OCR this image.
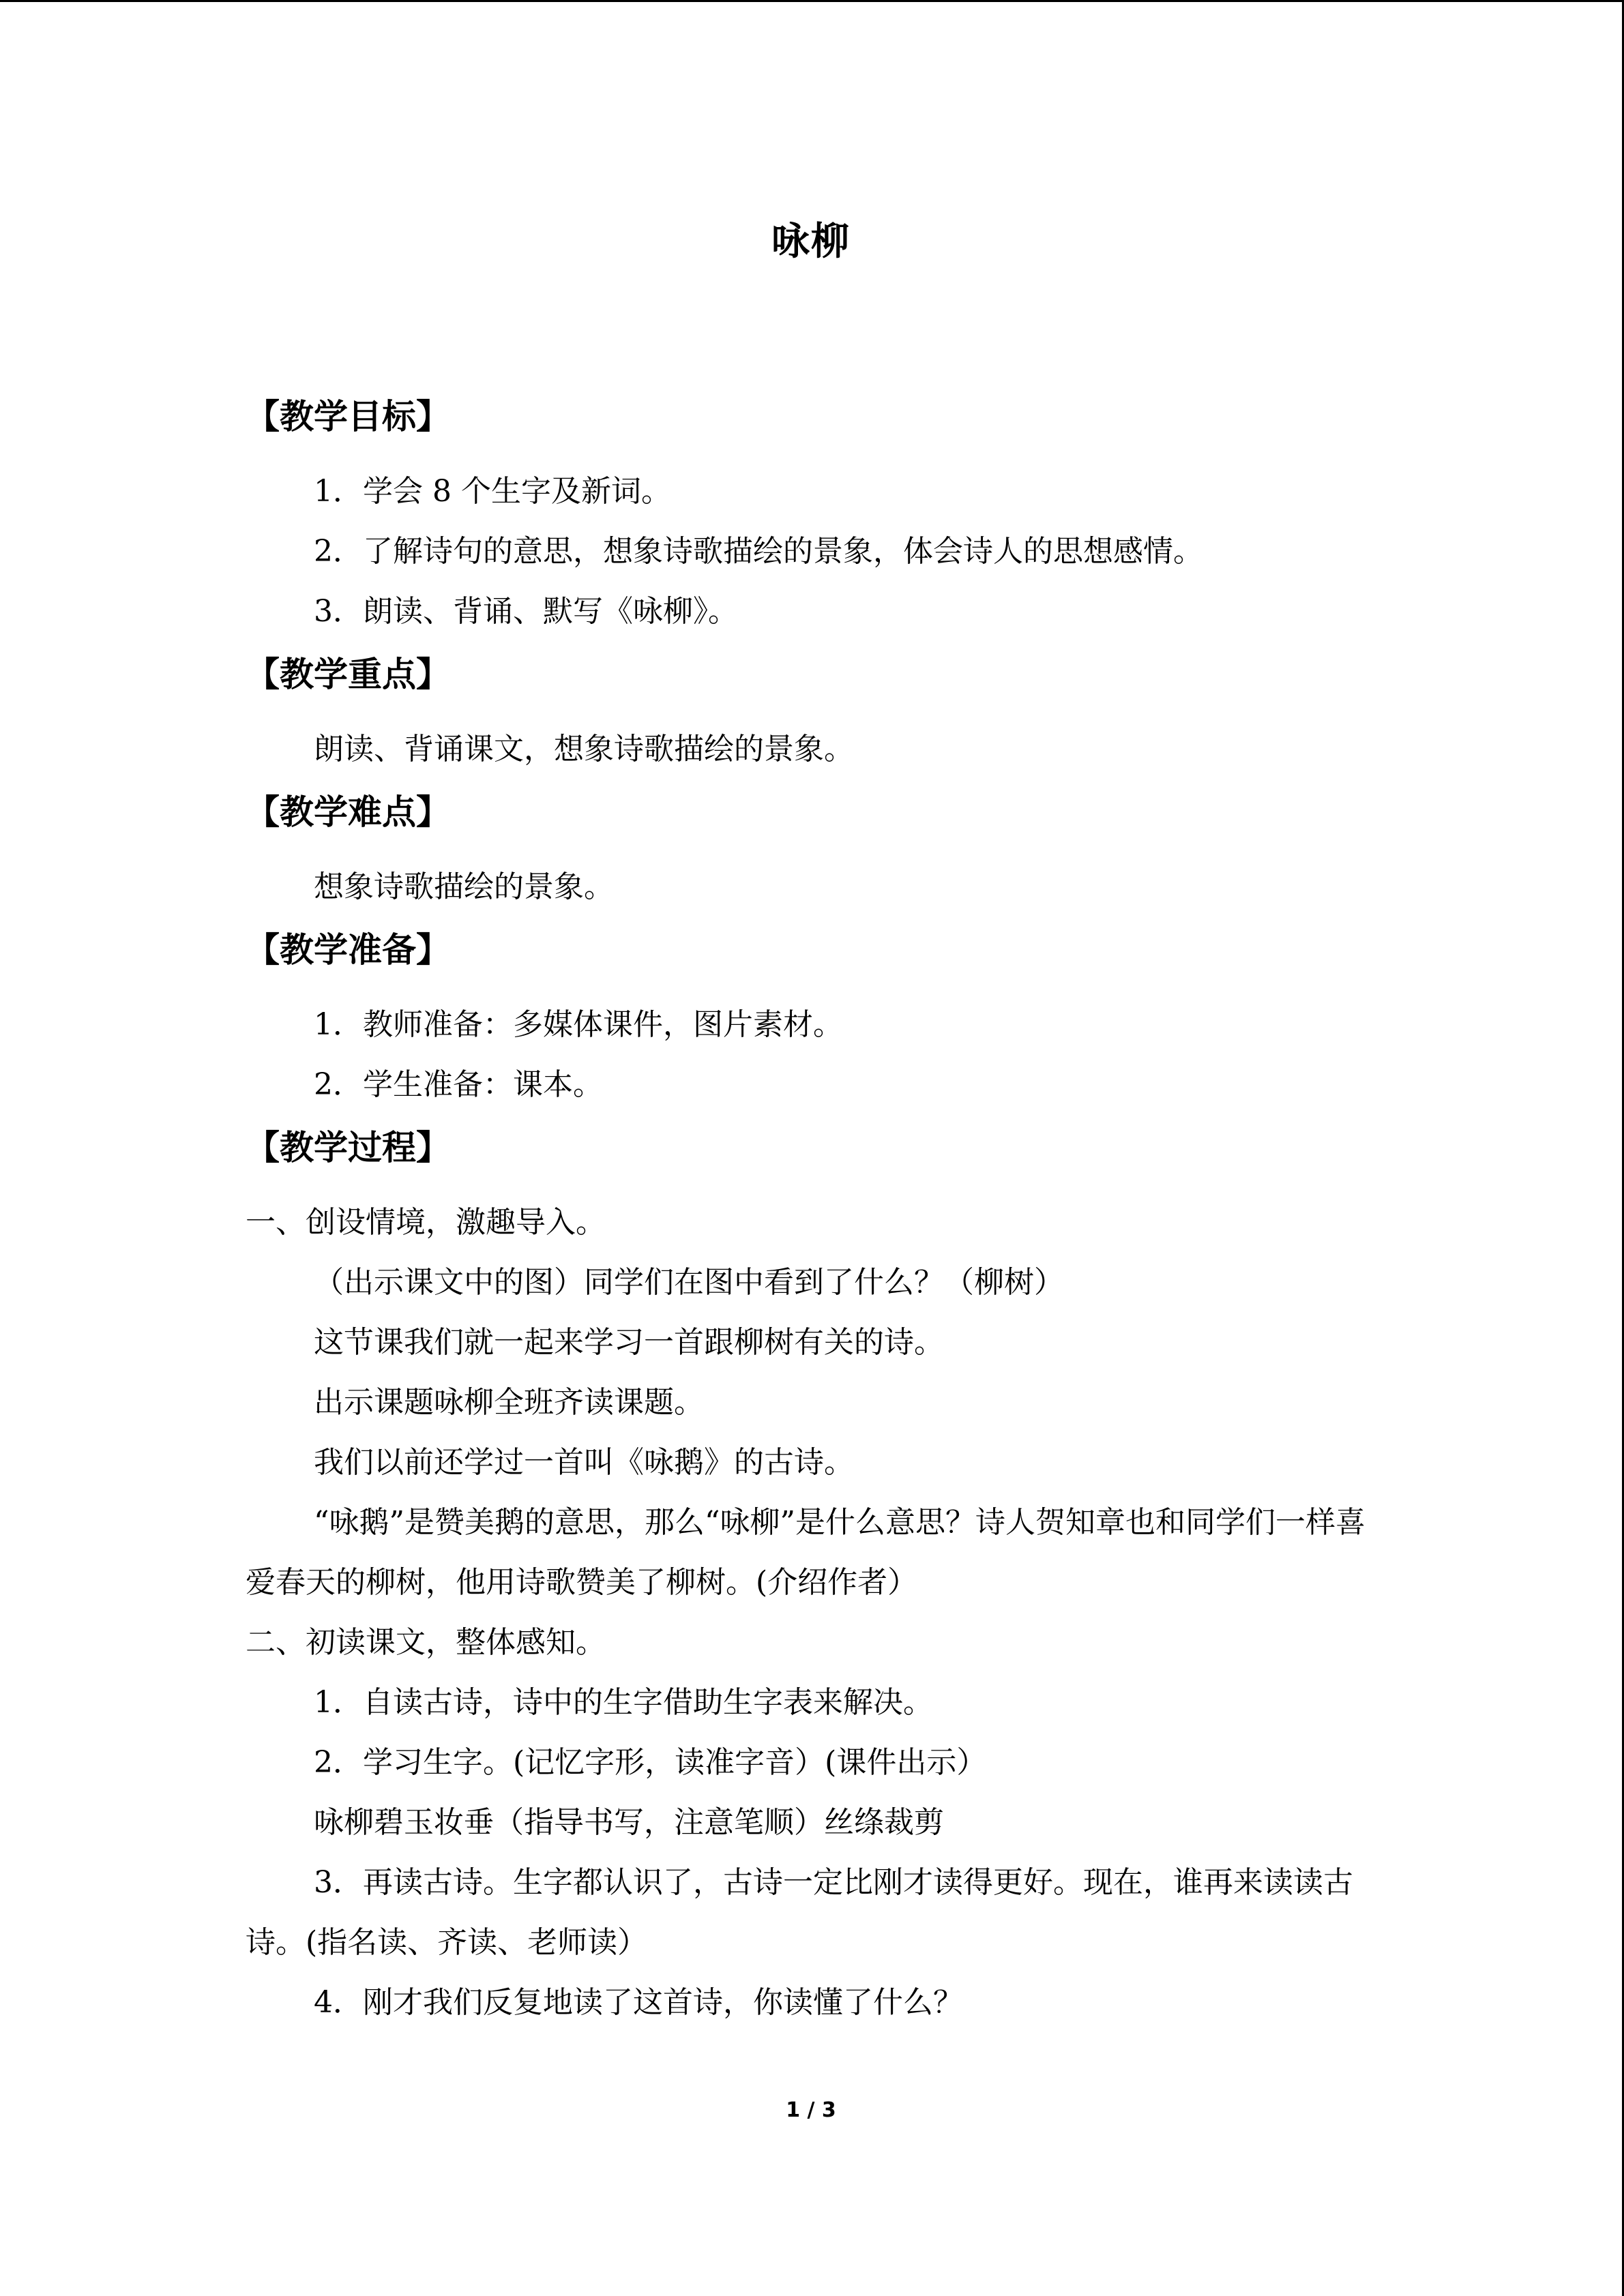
咏柳
【教学目标】

1．学会 8 个生字及新词。

2．了解诗句的意思，想象诗歌描绘的景象，体会诗人的思想感情。

3．朗读、背诵、默写《咏柳》。

【教学重点】

朗读、背诵课文，想象诗歌描绘的景象。

【教学难点】

想象诗歌描绘的景象。

【教学准备】

1．教师准备：多媒体课件，图片素材。

2．学生准备：课本。

【教学过程】

一、创设情境，激趣导入。

（出示课文中的图）同学们在图中看到了什么？（柳树）

这节课我们就一起来学习一首跟柳树有关的诗。

出示课题咏柳全班齐读课题。

我们以前还学过一首叫《咏鹅》的古诗。

“咏鹅”是赞美鹅的意思，那么“咏柳”是什么意思？诗人贺知章也和同学们一样喜爱春天的柳树，他用诗歌赞美了柳树。(介绍作者）

二、初读课文，整体感知。

1．自读古诗，诗中的生字借助生字表来解决。

2．学习生字。(记忆字形，读准字音）(课件出示）

咏柳碧玉妆垂（指导书写，注意笔顺）丝绦裁剪

3．再读古诗。生字都认识了，古诗一定比刚才读得更好。现在，谁再来读读古诗。(指名读、齐读、老师读）

4．刚才我们反复地读了这首诗，你读懂了什么？

1 / 3
